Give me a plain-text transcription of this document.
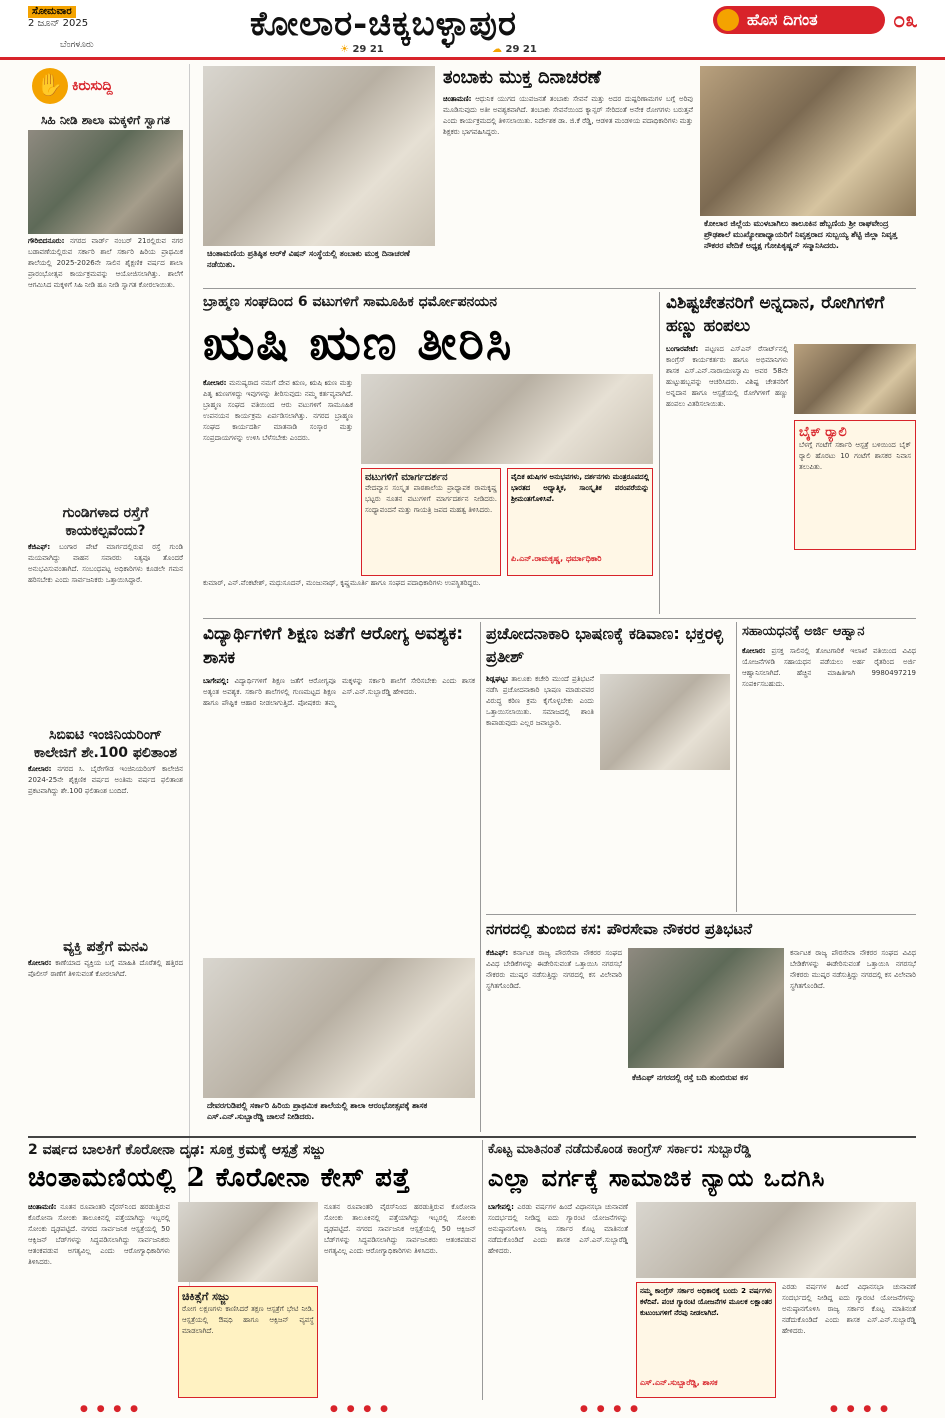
ಸೋಮವಾರ
2 ಜೂನ್ 2025
ಬೆಂಗಳೂರು
ಕೋಲಾರ-ಚಿಕ್ಕಬಳ್ಳಾಪುರ
☀ 29 21	☁ 29 21
ಹೊಸ ದಿಗಂತ	೦೩
✋ ಕಿರುಸುದ್ದಿ
ಸಿಹಿ ನೀಡಿ ಶಾಲಾ ಮಕ್ಕಳಿಗೆ ಸ್ವಾಗತ
ಗೌರಿಬಿದನೂರು: ನಗರದ ವಾರ್ಡ್ ನಂಬರ್ 21ರಲ್ಲಿರುವ ನಗರ ಬಡಾವಣೆಯಲ್ಲಿರುವ ಸರ್ಕಾರಿ ಶಾಲೆ ಸರ್ಕಾರಿ ಹಿರಿಯ ಪ್ರಾಥಮಿಕ ಶಾಲೆಯಲ್ಲಿ 2025-2026ನೇ ಸಾಲಿನ ಶೈಕ್ಷಣಿಕ ವರ್ಷದ ಶಾಲಾ ಪ್ರಾರಂಭೋತ್ಸವ ಕಾರ್ಯಕ್ರಮವನ್ನು ಆಯೋಜಿಸಲಾಗಿತ್ತು. ಶಾಲೆಗೆ ಆಗಮಿಸಿದ ಮಕ್ಕಳಿಗೆ ಸಿಹಿ ನೀಡಿ ಹೂ ನೀಡಿ ಸ್ವಾಗತ ಕೋರಲಾಯಿತು.
ಗುಂಡಿಗಳಾದ ರಸ್ತೆಗೆ ಕಾಯಕಲ್ಪವೆಂದು?
ಕೆಜಿಎಫ್: ಬಂಗಾರ ಪೇಟೆ ಮಾರ್ಗದಲ್ಲಿರುವ ರಸ್ತೆ ಗುಂಡಿ ಮಯವಾಗಿದ್ದು ವಾಹನ ಸವಾರರು ನಿತ್ಯವೂ ತೊಂದರೆ ಅನುಭವಿಸುವಂತಾಗಿದೆ. ಸಂಬಂಧಪಟ್ಟ ಅಧಿಕಾರಿಗಳು ಕೂಡಲೇ ಗಮನ ಹರಿಸಬೇಕು ಎಂದು ಸಾರ್ವಜನಿಕರು ಒತ್ತಾಯಿಸಿದ್ದಾರೆ.
ಸಿಬಿಐಟಿ ಇಂಜಿನಿಯರಿಂಗ್ ಕಾಲೇಜಿಗೆ ಶೇ.100 ಫಲಿತಾಂಶ
ಕೋಲಾರ: ನಗರದ ಸಿ. ಬೈರೇಗೌಡ ಇಂಜಿನಿಯರಿಂಗ್ ಕಾಲೇಜಿನ 2024-25ನೇ ಶೈಕ್ಷಣಿಕ ವರ್ಷದ ಅಂತಿಮ ವರ್ಷದ ಫಲಿತಾಂಶ ಪ್ರಕಟವಾಗಿದ್ದು ಶೇ.100 ಫಲಿತಾಂಶ ಬಂದಿದೆ.
ವ್ಯಕ್ತಿ ಪತ್ತೆಗೆ ಮನವಿ
ಕೋಲಾರ: ಕಾಣೆಯಾದ ವ್ಯಕ್ತಿಯ ಬಗ್ಗೆ ಮಾಹಿತಿ ದೊರೆತಲ್ಲಿ ಹತ್ತಿರದ ಪೊಲೀಸ್ ಠಾಣೆಗೆ ತಿಳಿಸುವಂತೆ ಕೋರಲಾಗಿದೆ.
ಚಿಂತಾಮಣಿಯ ಪ್ರತಿಷ್ಠಿತ ಆರ್‌ಕೆ ವಿಷನ್ ಸಂಸ್ಥೆಯಲ್ಲಿ ತಂಬಾಕು ಮುಕ್ತ ದಿನಾಚರಣೆ ನಡೆಯಿತು.
ತಂಬಾಕು ಮುಕ್ತ ದಿನಾಚರಣೆ
ಚಿಂತಾಮಣಿ: ಆಧುನಿಕ ಯುಗದ ಯುವಜನತೆ ತಂಬಾಕು ಸೇವನೆ ಮತ್ತು ಅದರ ದುಷ್ಪರಿಣಾಮಗಳ ಬಗ್ಗೆ ಅರಿವು ಮೂಡಿಸುವುದು ಅತೀ ಅವಶ್ಯಕವಾಗಿದೆ. ತಂಬಾಕು ಸೇವನೆಯಿಂದ ಕ್ಯಾನ್ಸರ್ ಸೇರಿದಂತೆ ಅನೇಕ ರೋಗಗಳು ಬರುತ್ತವೆ ಎಂದು ಕಾರ್ಯಕ್ರಮದಲ್ಲಿ ತಿಳಿಸಲಾಯಿತು. ನಿರ್ದೇಶಕ ಡಾ. ಜಿ.ಕೆ ರೆಡ್ಡಿ, ಆಡಳಿತ ಮಂಡಳಿಯ ಪದಾಧಿಕಾರಿಗಳು ಮತ್ತು ಶಿಕ್ಷಕರು ಭಾಗವಹಿಸಿದ್ದರು.
ಕೋಲಾರ ಜಿಲ್ಲೆಯ ಮುಳಬಾಗಿಲು ತಾಲೂಕಿನ ಹೆಬ್ಬಣಿಯ ಶ್ರೀ ರಾಘವೇಂದ್ರ ಪ್ರೌಢಶಾಲೆ ಮುಖ್ಯೋಪಾಧ್ಯಾಯರಿಗೆ ನಿವೃತ್ತರಾದ ಸುಬ್ಬಯ್ಯ ಶೆಟ್ಟಿ ಜಿಲ್ಲಾ ನಿವೃತ್ತ ನೌಕರರ ವೇದಿಕೆ ಅಧ್ಯಕ್ಷ ಗೋಪಿಕೃಷ್ಣನ್ ಸನ್ಮಾನಿಸಿದರು.
ಬ್ರಾಹ್ಮಣ ಸಂಘದಿಂದ 6 ವಟುಗಳಿಗೆ ಸಾಮೂಹಿಕ ಧರ್ಮೋಪನಯನ
ಋಷಿ ಋಣ ತೀರಿಸಿ
ಕೋಲಾರ: ಮನುಷ್ಯರಾದ ನಮಗೆ ದೇವ ಋಣ, ಋಷಿ ಋಣ ಮತ್ತು ಪಿತೃ ಋಣಗಳಿದ್ದು ಇವುಗಳನ್ನು ತೀರಿಸುವುದು ನಮ್ಮ ಕರ್ತವ್ಯವಾಗಿದೆ. ಬ್ರಾಹ್ಮಣ ಸಂಘದ ವತಿಯಿಂದ ಆರು ವಟುಗಳಿಗೆ ಸಾಮೂಹಿಕ ಉಪನಯನ ಕಾರ್ಯಕ್ರಮ ಏರ್ಪಡಿಸಲಾಗಿತ್ತು. ನಗರದ ಬ್ರಾಹ್ಮಣ ಸಂಘದ ಕಾರ್ಯದರ್ಶಿ ಮಾತನಾಡಿ ಸಂಸ್ಕಾರ ಮತ್ತು ಸಂಪ್ರದಾಯಗಳನ್ನು ಉಳಿಸಿ ಬೆಳೆಸಬೇಕು ಎಂದರು.
ವಟುಗಳಿಗೆ ಮಾರ್ಗದರ್ಶನ
ವೇದವ್ಯಾಸ ಸಂಸ್ಕೃತ ಪಾಠಶಾಲೆಯ ಪ್ರಾಧ್ಯಾಪಕ ರಾಮಕೃಷ್ಣ ಭಟ್ಟರು ನೂತನ ವಟುಗಳಿಗೆ ಮಾರ್ಗದರ್ಶನ ನೀಡಿದರು. ಸಂಧ್ಯಾವಂದನೆ ಮತ್ತು ಗಾಯತ್ರಿ ಜಪದ ಮಹತ್ವ ತಿಳಿಸಿದರು.
ವೈದಿಕ ಋಷಿಗಳ ಅನುಭವಗಳು, ದರ್ಶನಗಳು ಮಂತ್ರರೂಪದಲ್ಲಿ ಭಾರತದ ಅಧ್ಯಾತ್ಮಿಕ, ಸಾಂಸ್ಕೃತಿಕ ಪರಂಪರೆಯನ್ನು ಶ್ರೀಮಂತಗೊಳಿಸಿವೆ.
ಪಿ.ಎನ್.ರಾಮಕೃಷ್ಣ, ಧರ್ಮಾಧಿಕಾರಿ
ಕುಮಾರ್, ಎನ್.ವೆಂಕಟೇಶ್, ಮಧುಸೂದನ್, ಮಂಜುನಾಥ್, ಕೃಷ್ಣಮೂರ್ತಿ ಹಾಗೂ ಸಂಘದ ಪದಾಧಿಕಾರಿಗಳು ಉಪಸ್ಥಿತರಿದ್ದರು.
ವಿಶಿಷ್ಟಚೇತನರಿಗೆ ಅನ್ನದಾನ, ರೋಗಿಗಳಿಗೆ ಹಣ್ಣು ಹಂಪಲು
ಬಂಗಾರಪೇಟೆ: ಪಟ್ಟಣದ ಎಸ್‌ಎನ್ ರೆಸಾರ್ಟ್‌ನಲ್ಲಿ ಕಾಂಗ್ರೆಸ್ ಕಾರ್ಯಕರ್ತರು ಹಾಗೂ ಅಭಿಮಾನಿಗಳು ಶಾಸಕ ಎಸ್.ಎನ್.ನಾರಾಯಣಸ್ವಾಮಿ ಅವರ 58ನೇ ಹುಟ್ಟುಹಬ್ಬವನ್ನು ಆಚರಿಸಿದರು. ವಿಶಿಷ್ಟ ಚೇತನರಿಗೆ ಅನ್ನದಾನ ಹಾಗೂ ಆಸ್ಪತ್ರೆಯಲ್ಲಿ ರೋಗಿಗಳಿಗೆ ಹಣ್ಣು ಹಂಪಲು ವಿತರಿಸಲಾಯಿತು.
ಬೈಕ್ ರ್‍ಯಾಲಿ
ಬೆಳಗ್ಗೆ ಗಂಟೆಗೆ ಸರ್ಕಾರಿ ಆಸ್ಪತ್ರೆ ಬಳಿಯಿಂದ ಬೈಕ್ ರ್‍ಯಾಲಿ ಹೊರಟು 10 ಗಂಟೆಗೆ ಶಾಸಕರ ನಿವಾಸ ತಲುಪಿತು.
ವಿದ್ಯಾರ್ಥಿಗಳಿಗೆ ಶಿಕ್ಷಣ ಜತೆಗೆ ಆರೋಗ್ಯ ಅವಶ್ಯಕ: ಶಾಸಕ
ಬಾಗೇಪಲ್ಲಿ: ವಿದ್ಯಾರ್ಥಿಗಳಿಗೆ ಶಿಕ್ಷಣ ಜತೆಗೆ ಆರೋಗ್ಯವೂ ಅತ್ಯಂತ ಅವಶ್ಯಕ. ಸರ್ಕಾರಿ ಶಾಲೆಗಳಲ್ಲಿ ಗುಣಮಟ್ಟದ ಶಿಕ್ಷಣ ಹಾಗೂ ಪೌಷ್ಟಿಕ ಆಹಾರ ನೀಡಲಾಗುತ್ತಿದೆ. ಪೋಷಕರು ತಮ್ಮ ಮಕ್ಕಳನ್ನು ಸರ್ಕಾರಿ ಶಾಲೆಗೆ ಸೇರಿಸಬೇಕು ಎಂದು ಶಾಸಕ ಎಸ್.ಎನ್.ಸುಬ್ಬಾರೆಡ್ಡಿ ಹೇಳಿದರು.
ದೇವರಗುಡಿಪಲ್ಲಿ ಸರ್ಕಾರಿ ಹಿರಿಯ ಪ್ರಾಥಮಿಕ ಶಾಲೆಯಲ್ಲಿ ಶಾಲಾ ಆರಂಭೋತ್ಸವಕ್ಕೆ ಶಾಸಕ ಎಸ್.ಎನ್.ಸುಬ್ಬಾರೆಡ್ಡಿ ಚಾಲನೆ ನೀಡಿದರು.
ಪ್ರಚೋದನಾಕಾರಿ ಭಾಷಣಕ್ಕೆ ಕಡಿವಾಣ: ಭಕ್ತರಳ್ಳಿ ಪ್ರತೀಶ್
ಶಿಡ್ಲಘಟ್ಟ: ತಾಲೂಕು ಕಚೇರಿ ಮುಂದೆ ಪ್ರತಿಭಟನೆ ನಡೆಸಿ ಪ್ರಚೋದನಾಕಾರಿ ಭಾಷಣ ಮಾಡುವವರ ವಿರುದ್ಧ ಕಠಿಣ ಕ್ರಮ ಕೈಗೊಳ್ಳಬೇಕು ಎಂದು ಒತ್ತಾಯಿಸಲಾಯಿತು. ಸಮಾಜದಲ್ಲಿ ಶಾಂತಿ ಕಾಪಾಡುವುದು ಎಲ್ಲರ ಜವಾಬ್ದಾರಿ.
ಸಹಾಯಧನಕ್ಕೆ ಅರ್ಜಿ ಆಹ್ವಾನ
ಕೋಲಾರ: ಪ್ರಸಕ್ತ ಸಾಲಿನಲ್ಲಿ ತೋಟಗಾರಿಕೆ ಇಲಾಖೆ ವತಿಯಿಂದ ವಿವಿಧ ಯೋಜನೆಗಳಡಿ ಸಹಾಯಧನ ಪಡೆಯಲು ಅರ್ಹ ರೈತರಿಂದ ಅರ್ಜಿ ಆಹ್ವಾನಿಸಲಾಗಿದೆ. ಹೆಚ್ಚಿನ ಮಾಹಿತಿಗಾಗಿ 9980497219 ಸಂಪರ್ಕಿಸಬಹುದು.
ನಗರದಲ್ಲಿ ತುಂಬಿದ ಕಸ: ಪೌರಸೇವಾ ನೌಕರರ ಪ್ರತಿಭಟನೆ
ಕೆಜಿಎಫ್: ಕರ್ನಾಟಕ ರಾಜ್ಯ ಪೌರಸೇವಾ ನೌಕರರ ಸಂಘದ ವಿವಿಧ ಬೇಡಿಕೆಗಳನ್ನು ಈಡೇರಿಸುವಂತೆ ಒತ್ತಾಯಿಸಿ ನಗರಸಭೆ ನೌಕರರು ಮುಷ್ಕರ ನಡೆಸುತ್ತಿದ್ದು ನಗರದಲ್ಲಿ ಕಸ ವಿಲೇವಾರಿ ಸ್ಥಗಿತಗೊಂಡಿದೆ.
ಕೆಜಿಎಫ್ ನಗರದಲ್ಲಿ ರಸ್ತೆ ಬದಿ ತುಂಬಿರುವ ಕಸ
ಕರ್ನಾಟಕ ರಾಜ್ಯ ಪೌರಸೇವಾ ನೌಕರರ ಸಂಘದ ವಿವಿಧ ಬೇಡಿಕೆಗಳನ್ನು ಈಡೇರಿಸುವಂತೆ ಒತ್ತಾಯಿಸಿ ನಗರಸಭೆ ನೌಕರರು ಮುಷ್ಕರ ನಡೆಸುತ್ತಿದ್ದು ನಗರದಲ್ಲಿ ಕಸ ವಿಲೇವಾರಿ ಸ್ಥಗಿತಗೊಂಡಿದೆ.
2 ವರ್ಷದ ಬಾಲಕಿಗೆ ಕೊರೋನಾ ದೃಢ: ಸೂಕ್ತ ಕ್ರಮಕ್ಕೆ ಆಸ್ಪತ್ರೆ ಸಜ್ಜು
ಚಿಂತಾಮಣಿಯಲ್ಲಿ 2 ಕೊರೋನಾ ಕೇಸ್ ಪತ್ತೆ
ಚಿಂತಾಮಣಿ: ನೂತನ ರೂಪಾಂತರಿ ವೈರಸ್‌ನಿಂದ ಹರಡುತ್ತಿರುವ ಕೊರೋನಾ ಸೋಂಕು ತಾಲೂಕಿನಲ್ಲಿ ಪತ್ತೆಯಾಗಿದ್ದು ಇಬ್ಬರಲ್ಲಿ ಸೋಂಕು ದೃಢಪಟ್ಟಿದೆ. ನಗರದ ಸಾರ್ವಜನಿಕ ಆಸ್ಪತ್ರೆಯಲ್ಲಿ 50 ಆಕ್ಸಿಜನ್ ಬೆಡ್‌ಗಳನ್ನು ಸಿದ್ಧಪಡಿಸಲಾಗಿದ್ದು ಸಾರ್ವಜನಿಕರು ಆತಂಕಪಡುವ ಅಗತ್ಯವಿಲ್ಲ ಎಂದು ಆರೋಗ್ಯಾಧಿಕಾರಿಗಳು ತಿಳಿಸಿದರು.
ಚಿಕಿತ್ಸೆಗೆ ಸಜ್ಜು
ರೋಗ ಲಕ್ಷಣಗಳು ಕಾಣಿಸಿದರೆ ತಕ್ಷಣ ಆಸ್ಪತ್ರೆಗೆ ಭೇಟಿ ನೀಡಿ. ಆಸ್ಪತ್ರೆಯಲ್ಲಿ ಔಷಧಿ ಹಾಗೂ ಆಕ್ಸಿಜನ್ ವ್ಯವಸ್ಥೆ ಮಾಡಲಾಗಿದೆ.
ನೂತನ ರೂಪಾಂತರಿ ವೈರಸ್‌ನಿಂದ ಹರಡುತ್ತಿರುವ ಕೊರೋನಾ ಸೋಂಕು ತಾಲೂಕಿನಲ್ಲಿ ಪತ್ತೆಯಾಗಿದ್ದು ಇಬ್ಬರಲ್ಲಿ ಸೋಂಕು ದೃಢಪಟ್ಟಿದೆ. ನಗರದ ಸಾರ್ವಜನಿಕ ಆಸ್ಪತ್ರೆಯಲ್ಲಿ 50 ಆಕ್ಸಿಜನ್ ಬೆಡ್‌ಗಳನ್ನು ಸಿದ್ಧಪಡಿಸಲಾಗಿದ್ದು ಸಾರ್ವಜನಿಕರು ಆತಂಕಪಡುವ ಅಗತ್ಯವಿಲ್ಲ ಎಂದು ಆರೋಗ್ಯಾಧಿಕಾರಿಗಳು ತಿಳಿಸಿದರು.
ಕೊಟ್ಟ ಮಾತಿನಂತೆ ನಡೆದುಕೊಂಡ ಕಾಂಗ್ರೆಸ್ ಸರ್ಕಾರ: ಸುಬ್ಬಾರೆಡ್ಡಿ
ಎಲ್ಲಾ ವರ್ಗಕ್ಕೆ ಸಾಮಾಜಿಕ ನ್ಯಾಯ ಒದಗಿಸಿ
ಬಾಗೇಪಲ್ಲಿ: ಎರಡು ವರ್ಷಗಳ ಹಿಂದೆ ವಿಧಾನಸಭಾ ಚುನಾವಣೆ ಸಂದರ್ಭದಲ್ಲಿ ನೀಡಿದ್ದ ಐದು ಗ್ಯಾರಂಟಿ ಯೋಜನೆಗಳನ್ನು ಅನುಷ್ಠಾನಗೊಳಿಸಿ ರಾಜ್ಯ ಸರ್ಕಾರ ಕೊಟ್ಟ ಮಾತಿನಂತೆ ನಡೆದುಕೊಂಡಿದೆ ಎಂದು ಶಾಸಕ ಎಸ್.ಎನ್.ಸುಬ್ಬಾರೆಡ್ಡಿ ಹೇಳಿದರು.
ನಮ್ಮ ಕಾಂಗ್ರೆಸ್ ಸರ್ಕಾರ ಅಧಿಕಾರಕ್ಕೆ ಬಂದು 2 ವರ್ಷಗಳು ಕಳೆದಿವೆ. ಪಂಚ ಗ್ಯಾರಂಟಿ ಯೋಜನೆಗಳ ಮೂಲಕ ಲಕ್ಷಾಂತರ ಕುಟುಂಬಗಳಿಗೆ ನೆರವು ನೀಡಲಾಗಿದೆ.
ಎಸ್.ಎನ್.ಸುಬ್ಬಾರೆಡ್ಡಿ, ಶಾಸಕ
ಎರಡು ವರ್ಷಗಳ ಹಿಂದೆ ವಿಧಾನಸಭಾ ಚುನಾವಣೆ ಸಂದರ್ಭದಲ್ಲಿ ನೀಡಿದ್ದ ಐದು ಗ್ಯಾರಂಟಿ ಯೋಜನೆಗಳನ್ನು ಅನುಷ್ಠಾನಗೊಳಿಸಿ ರಾಜ್ಯ ಸರ್ಕಾರ ಕೊಟ್ಟ ಮಾತಿನಂತೆ ನಡೆದುಕೊಂಡಿದೆ ಎಂದು ಶಾಸಕ ಎಸ್.ಎನ್.ಸುಬ್ಬಾರೆಡ್ಡಿ ಹೇಳಿದರು.
● ● ● ●	● ● ● ●	● ● ● ●	● ● ● ●
